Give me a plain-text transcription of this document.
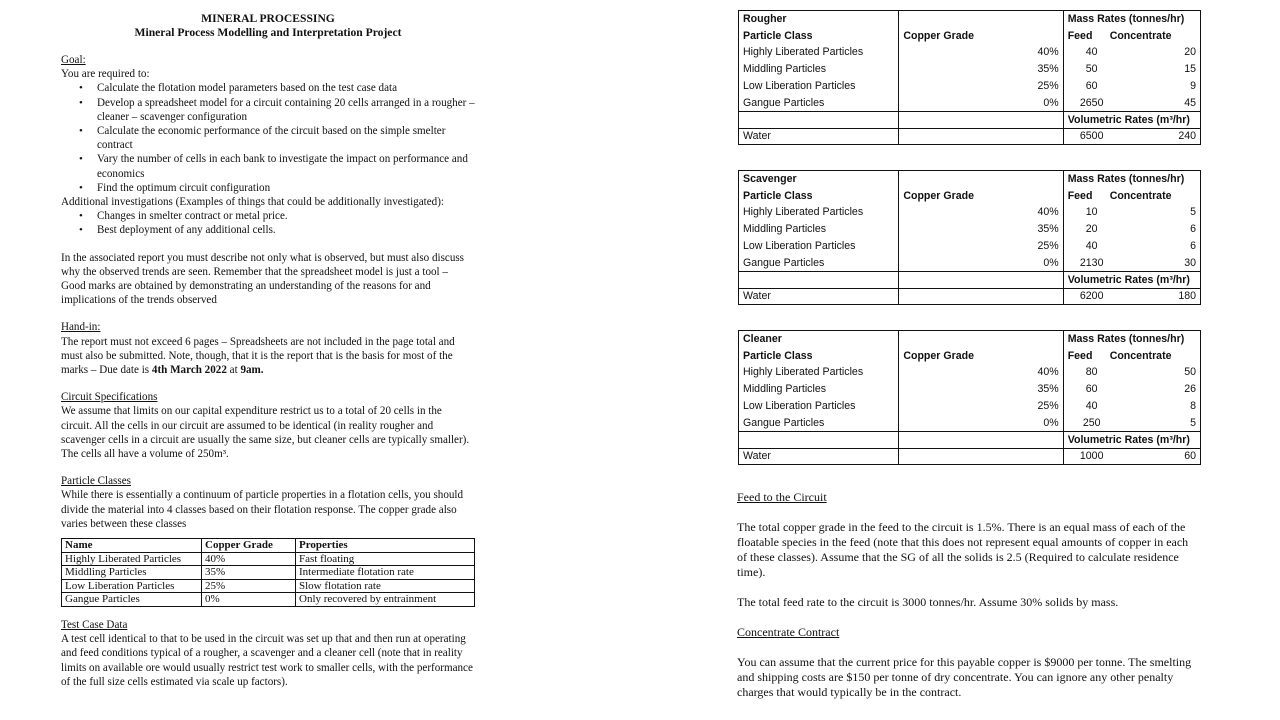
MINERAL PROCESSING
Mineral Process Modelling and Interpretation Project
Goal:
You are required to:
• Calculate the flotation model parameters based on the test case data
• Develop a spreadsheet model for a circuit containing 20 cells arranged in a rougher – cleaner – scavenger configuration
• Calculate the economic performance of the circuit based on the simple smelter contract
• Vary the number of cells in each bank to investigate the impact on performance and economics
• Find the optimum circuit configuration
Additional investigations (Examples of things that could be additionally investigated):
• Changes in smelter contract or metal price.
• Best deployment of any additional cells.
In the associated report you must describe not only what is observed, but must also discuss why the observed trends are seen. Remember that the spreadsheet model is just a tool – Good marks are obtained by demonstrating an understanding of the reasons for and implications of the trends observed
Hand-in:
The report must not exceed 6 pages – Spreadsheets are not included in the page total and must also be submitted. Note, though, that it is the report that is the basis for most of the marks – Due date is 4th March 2022 at 9am.
Circuit Specifications
We assume that limits on our capital expenditure restrict us to a total of 20 cells in the circuit. All the cells in our circuit are assumed to be identical (in reality rougher and scavenger cells in a circuit are usually the same size, but cleaner cells are typically smaller). The cells all have a volume of 250m³.
Particle Classes
While there is essentially a continuum of particle properties in a flotation cells, you should divide the material into 4 classes based on their flotation response. The copper grade also varies between these classes
Name	Copper Grade	Properties
Highly Liberated Particles	40%	Fast floating
Middling Particles	35%	Intermediate flotation rate
Low Liberation Particles	25%	Slow flotation rate
Gangue Particles	0%	Only recovered by entrainment
Test Case Data
A test cell identical to that to be used in the circuit was set up that and then run at operating and feed conditions typical of a rougher, a scavenger and a cleaner cell (note that in reality limits on available ore would usually restrict test work to smaller cells, with the performance of the full size cells estimated via scale up factors).
Rougher		Mass Rates (tonnes/hr)
Particle Class	Copper Grade	Feed Concentrate
Highly Liberated Particles	40%	40 20

Middling Particles	35%	50 15

Low Liberation Particles	25%	60 9

Gangue Particles	0%	2650 45

		Volumetric Rates (m³/hr)
Water		6500 240
Scavenger		Mass Rates (tonnes/hr)
Particle Class	Copper Grade	Feed Concentrate
Highly Liberated Particles	40%	10 5

Middling Particles	35%	20 6

Low Liberation Particles	25%	40 6

Gangue Particles	0%	2130 30

		Volumetric Rates (m³/hr)
Water		6200 180
Cleaner		Mass Rates (tonnes/hr)
Particle Class	Copper Grade	Feed Concentrate
Highly Liberated Particles	40%	80 50

Middling Particles	35%	60 26

Low Liberation Particles	25%	40 8

Gangue Particles	0%	250 5

		Volumetric Rates (m³/hr)
Water		1000 60

Feed to the Circuit

The total copper grade in the feed to the circuit is 1.5%. There is an equal mass of each of the floatable species in the feed (note that this does not represent equal amounts of copper in each of these classes). Assume that the SG of all the solids is 2.5 (Required to calculate residence time).

The total feed rate to the circuit is 3000 tonnes/hr. Assume 30% solids by mass.

Concentrate Contract

You can assume that the current price for this payable copper is $9000 per tonne. The smelting and shipping costs are $150 per tonne of dry concentrate. You can ignore any other penalty charges that would typically be in the contract.
